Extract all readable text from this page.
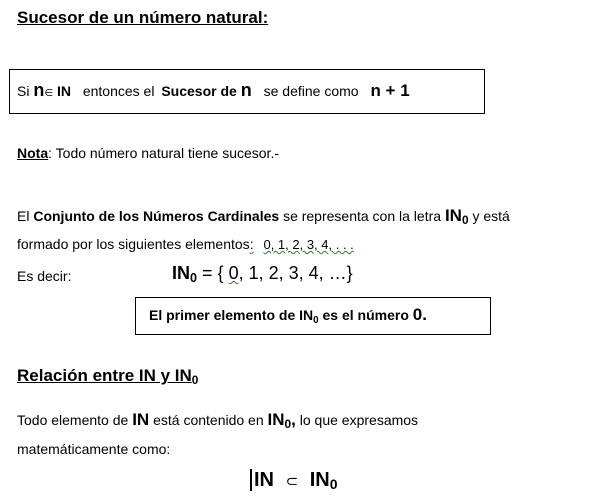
Sucesor de un número natural:
Si n∈ IN entonces el Sucesor de n se define como n + 1
Nota: Todo número natural tiene sucesor.-
El Conjunto de los Números Cardinales se representa con la letra $IN_0$ y está
formado por los siguientes elementos: 0, 1, 2, 3, 4, . . .
Es decir:	$IN_0$ = { 0, 1, 2, 3, 4, …}
El primer elemento de $IN_0$ es el número 0.
Relación entre IN y $IN_0$
Todo elemento de IN está contenido en $IN_0$, lo que expresamos
matemáticamente como:
IN ⊂ $IN_0$
